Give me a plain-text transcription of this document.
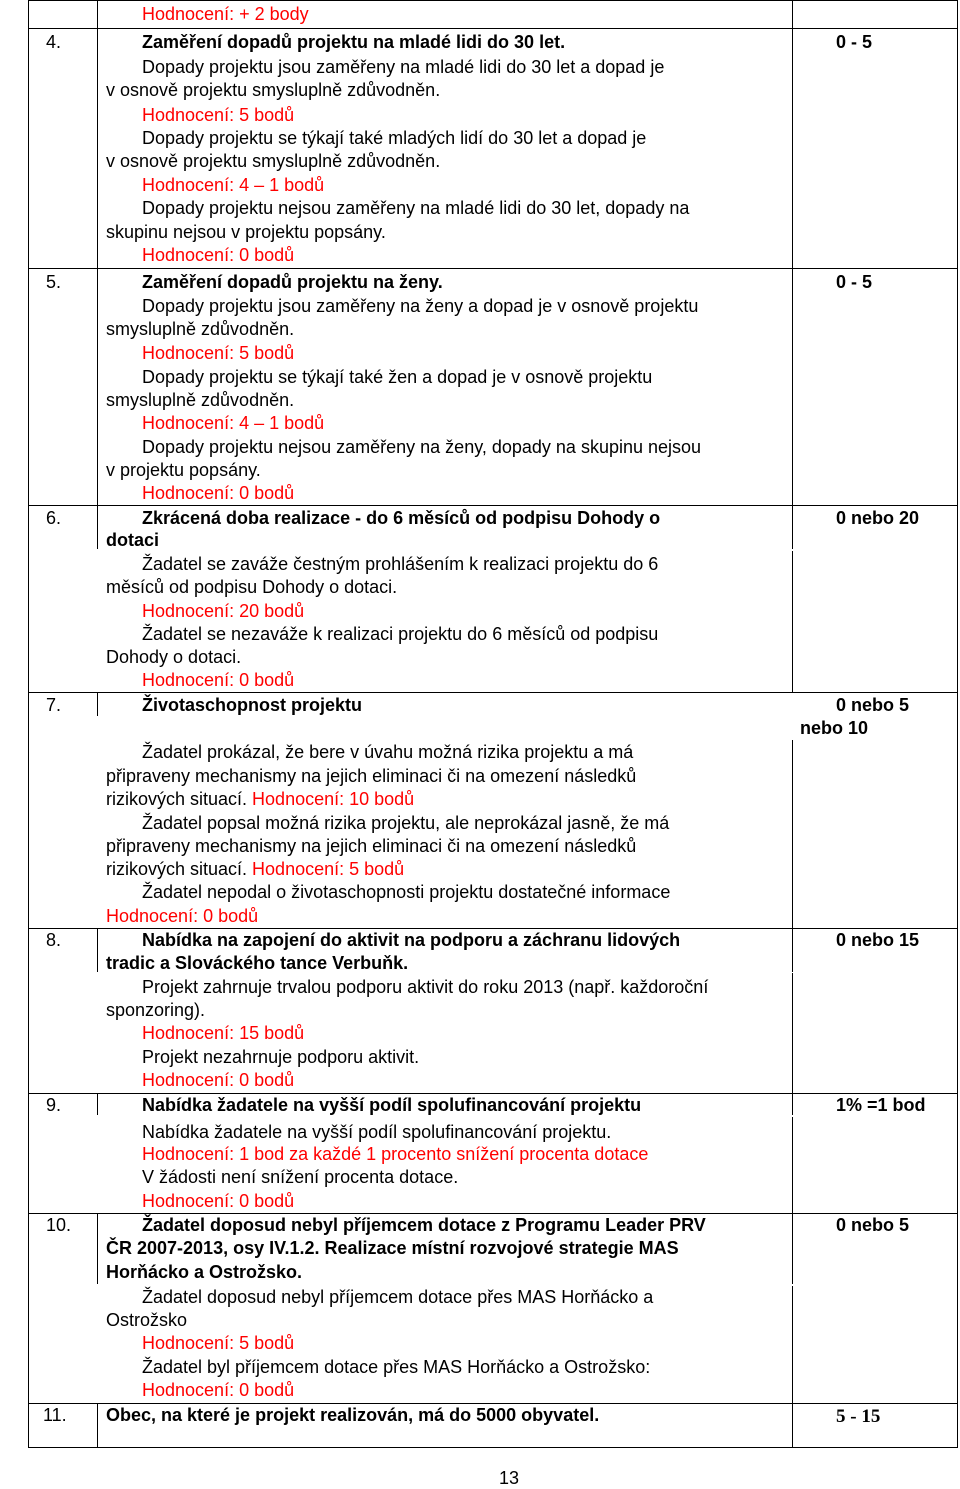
Hodnocení: + 2 body
4.	Zaměření dopadů projektu na mladé lidi do 30 let.	0 - 5
Dopady projektu jsou zaměřeny na mladé lidi do 30 let a dopad je
v osnově projektu smysluplně zdůvodněn.
Hodnocení: 5 bodů
Dopady projektu se týkají také mladých lidí do 30 let a dopad je
v osnově projektu smysluplně zdůvodněn.
Hodnocení: 4 – 1 bodů
Dopady projektu nejsou zaměřeny na mladé lidi do 30 let, dopady na
skupinu nejsou v projektu popsány.
Hodnocení: 0 bodů
5.	Zaměření dopadů projektu na ženy.	0 - 5
Dopady projektu jsou zaměřeny na ženy a dopad je v osnově projektu
smysluplně zdůvodněn.
Hodnocení: 5 bodů
Dopady projektu se týkají také žen a dopad je v osnově projektu
smysluplně zdůvodněn.
Hodnocení: 4 – 1 bodů
Dopady projektu nejsou zaměřeny na ženy, dopady na skupinu nejsou
v projektu popsány.
Hodnocení: 0 bodů
6.	Zkrácená doba realizace - do 6 měsíců od podpisu Dohody o
dotaci
0 nebo 20
Žadatel se zaváže čestným prohlášením k realizaci projektu do 6
měsíců od podpisu Dohody o dotaci.
Hodnocení: 20 bodů
Žadatel se nezaváže k realizaci projektu do 6 měsíců od podpisu
Dohody o dotaci.
Hodnocení: 0 bodů
7.	Životaschopnost projektu	0 nebo 5
nebo 10
Žadatel prokázal, že bere v úvahu možná rizika projektu a má
připraveny mechanismy na jejich eliminaci či na omezení následků
rizikových situací. Hodnocení: 10 bodů
Žadatel popsal možná rizika projektu, ale neprokázal jasně, že má
připraveny mechanismy na jejich eliminaci či na omezení následků
rizikových situací. Hodnocení: 5 bodů
Žadatel nepodal o životaschopnosti projektu dostatečné informace
Hodnocení: 0 bodů
8.	Nabídka na zapojení do aktivit na podporu a záchranu lidových
tradic a Slováckého tance Verbuňk.
0 nebo 15
Projekt zahrnuje trvalou podporu aktivit do roku 2013 (např. každoroční
sponzoring).
Hodnocení: 15 bodů
Projekt nezahrnuje podporu aktivit.
Hodnocení: 0 bodů
9.	Nabídka žadatele na vyšší podíl spolufinancování projektu	1% =1 bod
Nabídka žadatele na vyšší podíl spolufinancování projektu.
Hodnocení: 1 bod za každé 1 procento snížení procenta dotace
V žádosti není snížení procenta dotace.
Hodnocení: 0 bodů
10.	Žadatel doposud nebyl příjemcem dotace z Programu Leader PRV
ČR 2007-2013, osy IV.1.2. Realizace místní rozvojové strategie MAS
Horňácko a Ostrožsko.
0 nebo 5
Žadatel doposud nebyl příjemcem dotace přes MAS Horňácko a
Ostrožsko
Hodnocení: 5 bodů
Žadatel byl příjemcem dotace přes MAS Horňácko a Ostrožsko:
Hodnocení: 0 bodů
11. Obec, na které je projekt realizován, má do 5000 obyvatel.	5 - 15
13
